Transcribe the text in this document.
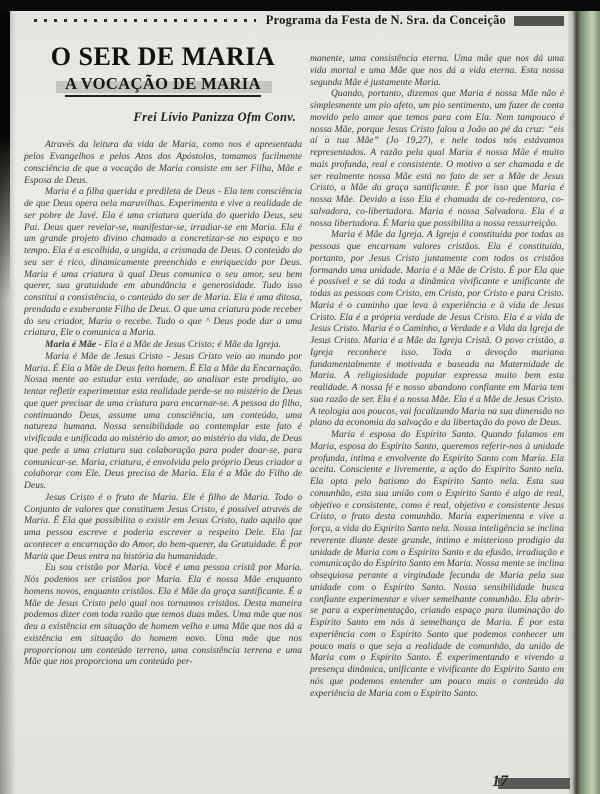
Programa da Festa de N. Sra. da Conceição
O SER DE MARIA
A VOCAÇÃO DE MARIA
Frei Lívio Panizza Ofm Conv.

Através da leitura da vida de Maria, como nos é apresentada pelos Evangelhos e pelos Atos dos Apóstolos, tomamos facilmente consciência de que a vocação de Maria consiste em ser Filha, Mãe e Esposa de Deus.

Maria é a filha querida e predileta de Deus - Ela tem consciência de que Deus opera nela maravilhas. Experimenta e vive a realidade de ser pobre de Javé. Ela é uma criatura querida do querido Deus, seu Pai. Deus quer revelar-se, manifestar-se, irradiar-se em Maria. Ela é um grande projeto divino chamado a concretizar-se no espaço e no tempo. Ela é a escolhida, a ungida, a crismada de Deus. O conteúdo do seu ser é rico, dinamicamente preenchido e enriquecido por Deus. Maria é uma criatura à qual Deus comunica o seu amor, seu bem querer, sua gratuidade em abundância e generosidade. Tudo isso constitui a consistência, o conteúdo do ser de Maria. Ela é uma ditosa, prendada e exuberante Filha de Deus. O que uma criatura pode receber do seu criador, Maria o recebe. Tudo o que ^ Deus pode dar a uma criatura, Ele o comunica a Maria.

Maria é Mãe - Ela é a Mãe de Jesus Cristo; é Mãe da Igreja.

Maria é Mãe de Jesus Cristo - Jesus Cristo veio ao mundo por Maria. É Ela a Mãe de Deus feito homem. É Ela a Mãe da Encarnação. Nossa mente ao estudar esta verdade, ao analisar este prodígio, ao tentar refletir experimentar esta realidade perde-se no mistério de Deus que quer precisar de uma criatura para encarnar-se. A pessoa do filho, continuando Deus, assume uma consciência, um conteúdo, uma natureza humana. Nossa sensibilidade ao contemplar este fato é vivificada e unificada ao mistério do amor, ao mistério da vida, de Deus que pede a uma criatura sua colaboração para poder doar-se, para comunicar-se. Maria, criatura, é envolvida pelo próprio Deus criador a colaborar com Ele. Deus precisa de Maria. Ela é a Mãe do Filho de Deus.

Jesus Cristo é o fruto de Maria. Ele é filho de Maria. Todo o Conjunto de valores que constituem Jesus Cristo, é possível através de Maria. É Ela que possibilita o existir em Jesus Cristo, tudo aquilo que uma pessoa escreve e poderia escrever a respeito Dele. Ela faz acontecer a encarnação do Amor, do bem-querer, da Gratuidade. É por Maria que Deus entra na história da humanidade.

Eu sou cristão por Maria. Você é uma pessoa cristã por Maria. Nós podemos ser cristãos por Maria. Ela é nossa Mãe enquanto homens novos, enquanto cristãos. Ela é Mãe da graça santificante. É a Mãe de Jesus Cristo pelo qual nos tornamos cristãos. Desta maneira podemos dizer com toda razão que temos duas mães. Uma mãe que nos deu a existência em situação de homem velho e uma Mãe que nos dá a existência em situação do homem novo. Uma mãe que nos proporcionou um conteúdo terreno, uma consistência terrena e uma Mãe que nos proporciona um conteúdo per-

manente, uma consistência eterna. Uma mãe que nos dá uma vida mortal e uma Mãe que nos dá a vida eterna. Esta nossa segunda Mãe é justamente Maria.

Quando, portanto, dizemos que Maria é nossa Mãe não é simplesmente um pio afeto, um pio sentimento, um fazer de conta movido pelo amor que temos para com Ela. Nem tampouco é nossa Mãe, porque Jesus Cristo falou a João ao pé da cruz: “eis aí a tua Mãe” (Jo 19,27), e nele todos nós estávamos representados. A razão pela qual Maria é nossa Mãe é muito mais profunda, real e consistente. O motivo a ser chamada e de ser realmente nossa Mãe está no fato de ser a Mãe de Jesus Cristo, a Mãe da graça santificante. É por isso que Maria é nossa Mãe. Devido a isso Ela é chamada de co-redentora, co-salvadora, co-libertadora. Maria é nossa Salvadora. Ela é a nossa libertadora. É Maria que possibilita a nossa ressurreição.

Maria é Mãe da Igreja. A Igreja é constituída por todas as pessoas que encarnam valores cristãos. Ela é constituída, portanto, por Jesus Cristo juntamente com todos os cristãos formando uma unidade. Maria é a Mãe de Cristo. É por Ela que é possível e se dá toda a dinâmica vivificante e unificante de todas as pessoas com Cristo, em Cristo, por Cristo e para Cristo. Maria é o caminho que leva à experiência e à vida de Jesus Cristo. Ela é a própria verdade de Jesus Cristo. Ela é a vida de Jesus Cristo. Maria é o Caminho, a Verdade e a Vida da Igreja de Jesus Cristo. Maria é a Mãe da Igreja Cristã. O povo cristão, a Igreja reconhece isso. Toda a devoção mariana fundamentalmente é motivada e baseada na Maternidade de Maria. A religiosidade popular expressa muito bem esta realidade. A nossa fé e nosso abandono confiante em Maria tem sua razão de ser. Ela é a nossa Mãe. Ela é a Mãe de Jesus Cristo. A teologia aos poucos, vai focalizando Maria na sua dimensão no plano da economia da salvação e da libertação do povo de Deus.

Maria é esposa do Espírito Santo. Quando falamos em Maria, esposa do Espírito Santo, queremos referir-nos à unidade profunda, íntima e envolvente do Espírito Santo com Maria. Ela aceita. Consciente e livremente, a ação do Espírito Santo nela. Ela opta pelo batismo do Espírito Santo nela. Esta sua comunhão, esta sua união com o Espírito Santo é algo de real, objetivo e consistente, como é real, objetivo e consistente Jesus Cristo, o fruto desta comunhão. Maria experimenta e vive a força, a vida do Espírito Santo nela. Nossa inteligência se inclina reverente diante deste grande, íntimo e misterioso prodígio da unidade de Maria com o Espírito Santo e da efusão, irradiação e comunicação do Espírito Santo em Maria. Nossa mente se inclina obsequiosa perante a virgindade fecunda de Maria pela sua unidade com o Espírito Santo. Nossa sensibilidade busca confiante experimentar e viver semelhante comunhão. Ela abrir-se para a experimentação, criando espaço para iluminação do Espírito Santo em nós à semelhança de Maria. É por esta experiência com o Espírito Santo que podemos conhecer um pouco mais o que seja a realidade de comunhão, da união de Maria com o Espírito Santo. É experimentando e vivendo a presença dinâmica, unificante e vivificante do Espírito Santo em nós que podemos entender um pouco mais o conteúdo da experiência de Maria com o Espírito Santo.

17
